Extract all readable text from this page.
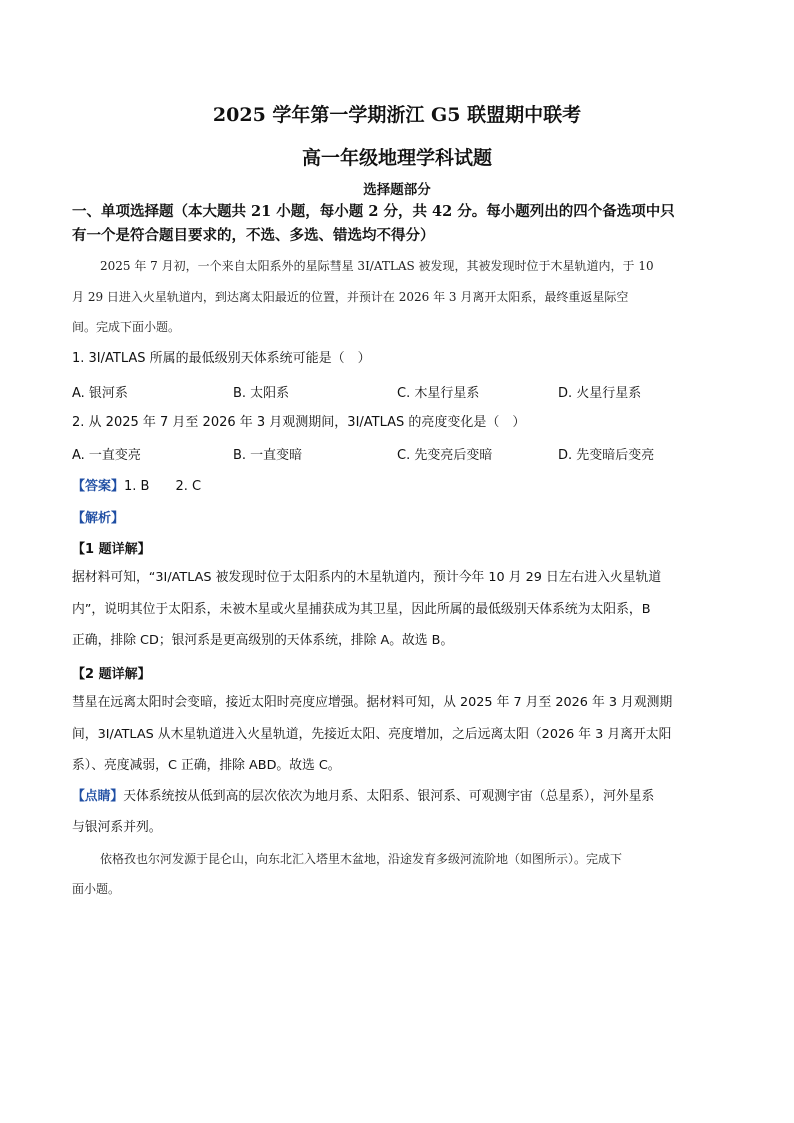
2025 学年第一学期浙江 G5 联盟期中联考
高一年级地理学科试题
选择题部分
一、单项选择题（本大题共 21 小题，每小题 2 分，共 42 分。每小题列出的四个备选项中只
有一个是符合题目要求的，不选、多选、错选均不得分）
2025 年 7 月初，一个来自太阳系外的星际彗星 3I/ATLAS 被发现，其被发现时位于木星轨道内，于 10
月 29 日进入火星轨道内，到达离太阳最近的位置，并预计在 2026 年 3 月离开太阳系，最终重返星际空
间。完成下面小题。
1. 3I/ATLAS 所属的最低级别天体系统可能是（　）
A. 银河系	B. 太阳系	C. 木星行星系	D. 火星行星系
2. 从 2025 年 7 月至 2026 年 3 月观测期间，3I/ATLAS 的亮度变化是（　）
A. 一直变亮	B. 一直变暗	C. 先变亮后变暗	D. 先变暗后变亮
【答案】1. B　　2. C
【解析】
【1 题详解】
据材料可知，“3I/ATLAS 被发现时位于太阳系内的木星轨道内，预计今年 10 月 29 日左右进入火星轨道
内”，说明其位于太阳系，未被木星或火星捕获成为其卫星，因此所属的最低级别天体系统为太阳系，B
正确，排除 CD；银河系是更高级别的天体系统，排除 A。故选 B。
【2 题详解】
彗星在远离太阳时会变暗，接近太阳时亮度应增强。据材料可知，从 2025 年 7 月至 2026 年 3 月观测期
间，3I/ATLAS 从木星轨道进入火星轨道，先接近太阳、亮度增加，之后远离太阳（2026 年 3 月离开太阳
系）、亮度减弱，C 正确，排除 ABD。故选 C。
【点睛】天体系统按从低到高的层次依次为地月系、太阳系、银河系、可观测宇宙（总星系），河外星系
与银河系并列。
依格孜也尔河发源于昆仑山，向东北汇入塔里木盆地，沿途发育多级河流阶地（如图所示）。完成下
面小题。
